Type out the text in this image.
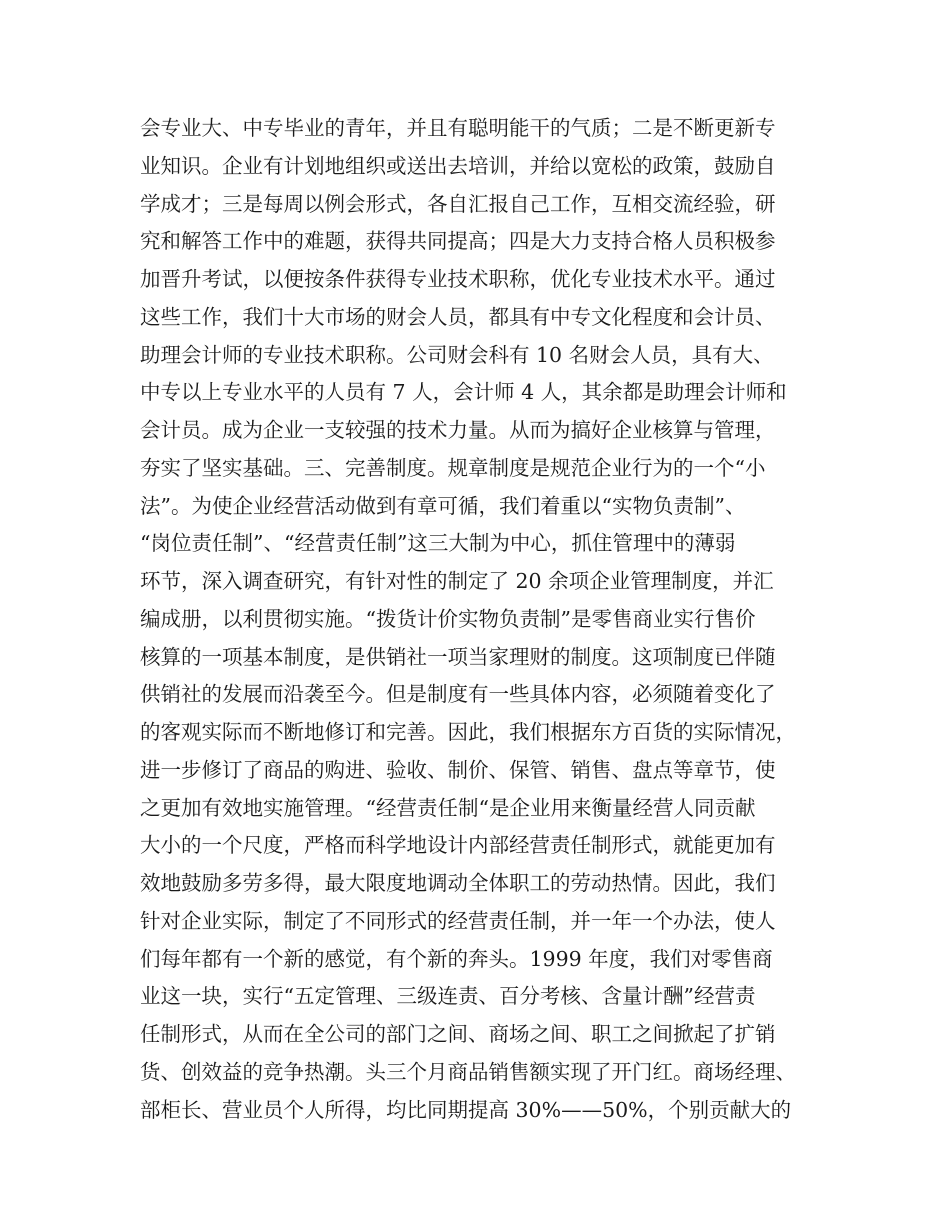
会专业大、中专毕业的青年，并且有聪明能干的气质；二是不断更新专
业知识。企业有计划地组织或送出去培训，并给以宽松的政策，鼓励自
学成才；三是每周以例会形式，各自汇报自己工作，互相交流经验，研
究和解答工作中的难题，获得共同提高；四是大力支持合格人员积极参
加晋升考试，以便按条件获得专业技术职称，优化专业技术水平。通过
这些工作，我们十大市场的财会人员，都具有中专文化程度和会计员、
助理会计师的专业技术职称。公司财会科有 10 名财会人员，具有大、
中专以上专业水平的人员有 7 人，会计师 4 人，其余都是助理会计师和
会计员。成为企业一支较强的技术力量。从而为搞好企业核算与管理，
夯实了坚实基础。三、完善制度。规章制度是规范企业行为的一个“小
法”。为使企业经营活动做到有章可循，我们着重以“实物负责制”、
“岗位责任制”、“经营责任制”这三大制为中心，抓住管理中的薄弱
环节，深入调查研究，有针对性的制定了 20 余项企业管理制度，并汇
编成册，以利贯彻实施。“拨货计价实物负责制”是零售商业实行售价
核算的一项基本制度，是供销社一项当家理财的制度。这项制度已伴随
供销社的发展而沿袭至今。但是制度有一些具体内容，必须随着变化了
的客观实际而不断地修订和完善。因此，我们根据东方百货的实际情况，
进一步修订了商品的购进、验收、制价、保管、销售、盘点等章节，使
之更加有效地实施管理。“经营责任制“是企业用来衡量经营人同贡献
大小的一个尺度，严格而科学地设计内部经营责任制形式，就能更加有
效地鼓励多劳多得，最大限度地调动全体职工的劳动热情。因此，我们
针对企业实际，制定了不同形式的经营责任制，并一年一个办法，使人
们每年都有一个新的感觉，有个新的奔头。1999 年度，我们对零售商
业这一块，实行“五定管理、三级连责、百分考核、含量计酬”经营责
任制形式，从而在全公司的部门之间、商场之间、职工之间掀起了扩销
货、创效益的竞争热潮。头三个月商品销售额实现了开门红。商场经理、
部柜长、营业员个人所得，均比同期提高 30%——50%，个别贡献大的
